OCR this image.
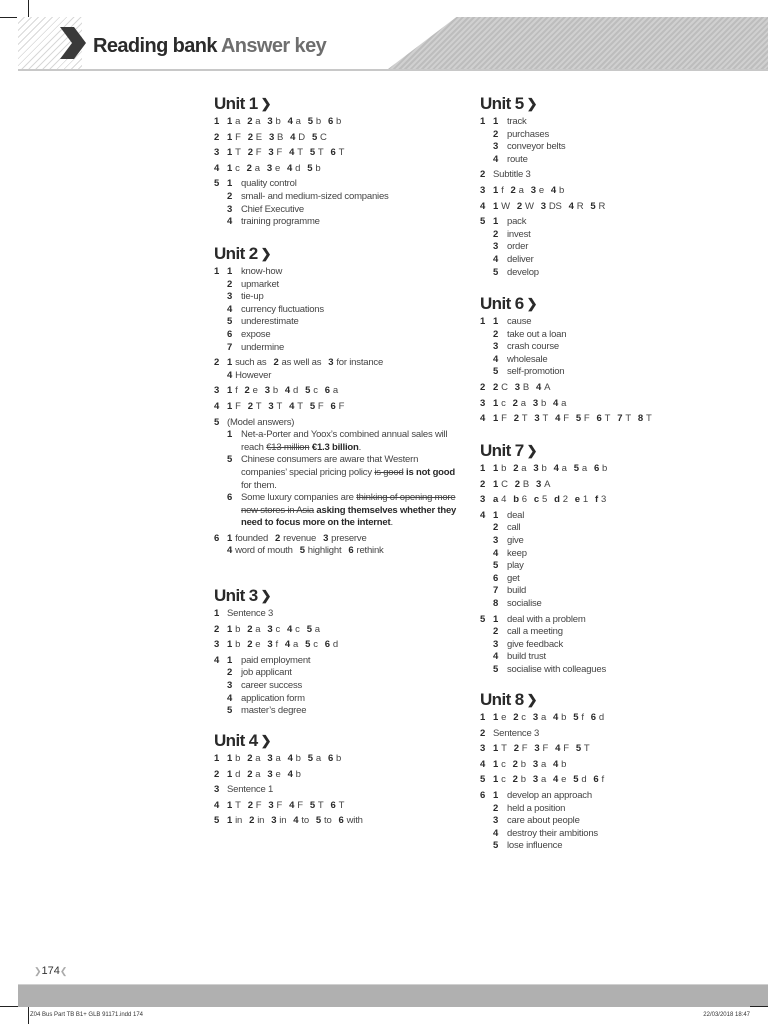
Reading bank Answer key
Unit 1 ❯
1 1 a 2 a 3 b 4 a 5 b 6 b
2 1 F 2 E 3 B 4 D 5 C
3 1 T 2 F 3 F 4 T 5 T 6 T
4 1 c 2 a 3 e 4 d 5 b
5 1 quality control
2 small- and medium-sized companies
3 Chief Executive
4 training programme
Unit 2 ❯
1 1 know-how
2 upmarket
3 tie-up
4 currency fluctuations
5 underestimate
6 expose
7 undermine
2 1 such as 2 as well as 3 for instance
4 However
3 1 f 2 e 3 b 4 d 5 c 6 a
4 1 F 2 T 3 T 4 T 5 F 6 F
5 (Model answers)
1 Net-a-Porter and Yoox’s combined annual sales will reach €13 million €1.3 billion.
5 Chinese consumers are aware that Western companies’ special pricing policy is good is not good for them.
6 Some luxury companies are thinking of opening more new stores in Asia asking themselves whether they need to focus more on the internet.
6 1 founded 2 revenue 3 preserve
4 word of mouth 5 highlight 6 rethink
Unit 3 ❯
1 Sentence 3
2 1 b 2 a 3 c 4 c 5 a
3 1 b 2 e 3 f 4 a 5 c 6 d
4 1 paid employment
2 job applicant
3 career success
4 application form
5 master’s degree
Unit 4 ❯
1 1 b 2 a 3 a 4 b 5 a 6 b
2 1 d 2 a 3 e 4 b
3 Sentence 1
4 1 T 2 F 3 F 4 F 5 T 6 T
5 1 in 2 in 3 in 4 to 5 to 6 with
Unit 5 ❯
1 1 track
2 purchases
3 conveyor belts
4 route
2 Subtitle 3
3 1 f 2 a 3 e 4 b
4 1 W 2 W 3 DS 4 R 5 R
5 1 pack
2 invest
3 order
4 deliver
5 develop
Unit 6 ❯
1 1 cause
2 take out a loan
3 crash course
4 wholesale
5 self-promotion
2 2 C 3 B 4 A
3 1 c 2 a 3 b 4 a
4 1 F 2 T 3 T 4 F 5 F 6 T 7 T 8 T
Unit 7 ❯
1 1 b 2 a 3 b 4 a 5 a 6 b
2 1 C 2 B 3 A
3 a 4 b 6 c 5 d 2 e 1 f 3
4 1 deal
2 call
3 give
4 keep
5 play
6 get
7 build
8 socialise
5 1 deal with a problem
2 call a meeting
3 give feedback
4 build trust
5 socialise with colleagues
Unit 8 ❯
1 1 e 2 c 3 a 4 b 5 f 6 d
2 Sentence 3
3 1 T 2 F 3 F 4 F 5 T
4 1 c 2 b 3 a 4 b
5 1 c 2 b 3 a 4 e 5 d 6 f
6 1 develop an approach
2 held a position
3 care about people
4 destroy their ambitions
5 lose influence
❯174❮
Z04 Bus Part TB B1+ GLB 91171.indd 174	22/03/2018 18:47
